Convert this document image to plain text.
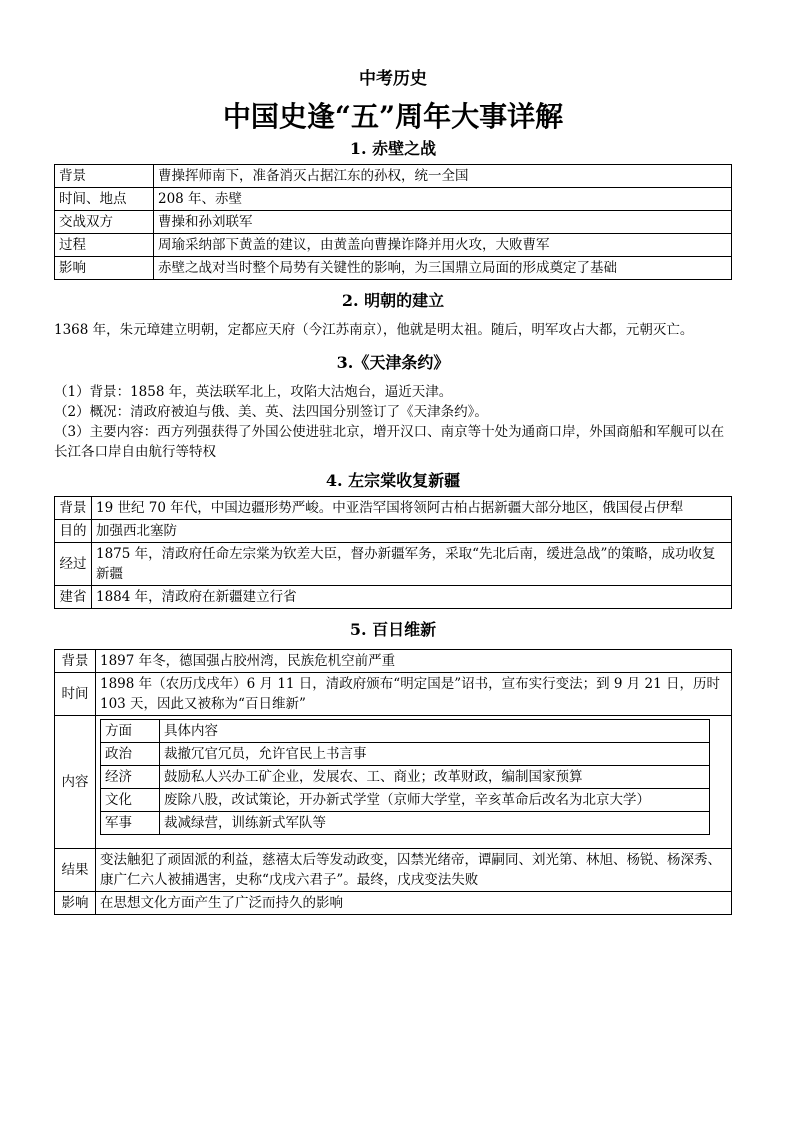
中考历史

中国史逢“五”周年大事详解

1. 赤壁之战

背景	曹操挥师南下，准备消灭占据江东的孙权，统一全国
时间、地点	208 年、赤壁
交战双方	曹操和孙刘联军
过程	周瑜采纳部下黄盖的建议，由黄盖向曹操诈降并用火攻，大败曹军
影响	赤壁之战对当时整个局势有关键性的影响，为三国鼎立局面的形成奠定了基础

2. 明朝的建立

1368 年，朱元璋建立明朝，定都应天府（今江苏南京），他就是明太祖。随后，明军攻占大都，元朝灭亡。

3.《天津条约》

（1）背景：1858 年，英法联军北上，攻陷大沽炮台，逼近天津。

（2）概况：清政府被迫与俄、美、英、法四国分别签订了《天津条约》。

（3）主要内容：西方列强获得了外国公使进驻北京，增开汉口、南京等十处为通商口岸，外国商船和军舰可以在长江各口岸自由航行等特权

4. 左宗棠收复新疆

背景	19 世纪 70 年代，中国边疆形势严峻。中亚浩罕国将领阿古柏占据新疆大部分地区，俄国侵占伊犁
目的	加强西北塞防
经过	1875 年，清政府任命左宗棠为钦差大臣，督办新疆军务，采取“先北后南，缓进急战”的策略，成功收复新疆
建省	1884 年，清政府在新疆建立行省

5. 百日维新

背景	1897 年冬，德国强占胶州湾，民族危机空前严重
时间	1898 年（农历戊戌年）6 月 11 日，清政府颁布“明定国是”诏书，宣布实行变法；到 9 月 21 日，历时 103 天，因此又被称为“百日维新”
内容	
方面	具体内容
政治	裁撤冗官冗员，允许官民上书言事
经济	鼓励私人兴办工矿企业，发展农、工、商业；改革财政，编制国家预算
文化	废除八股，改试策论，开办新式学堂（京师大学堂，辛亥革命后改名为北京大学）
军事	裁减绿营，训练新式军队等

结果	变法触犯了顽固派的利益，慈禧太后等发动政变，囚禁光绪帝，谭嗣同、刘光第、林旭、杨锐、杨深秀、康广仁六人被捕遇害，史称“戊戌六君子”。最终，戊戌变法失败
影响	在思想文化方面产生了广泛而持久的影响
